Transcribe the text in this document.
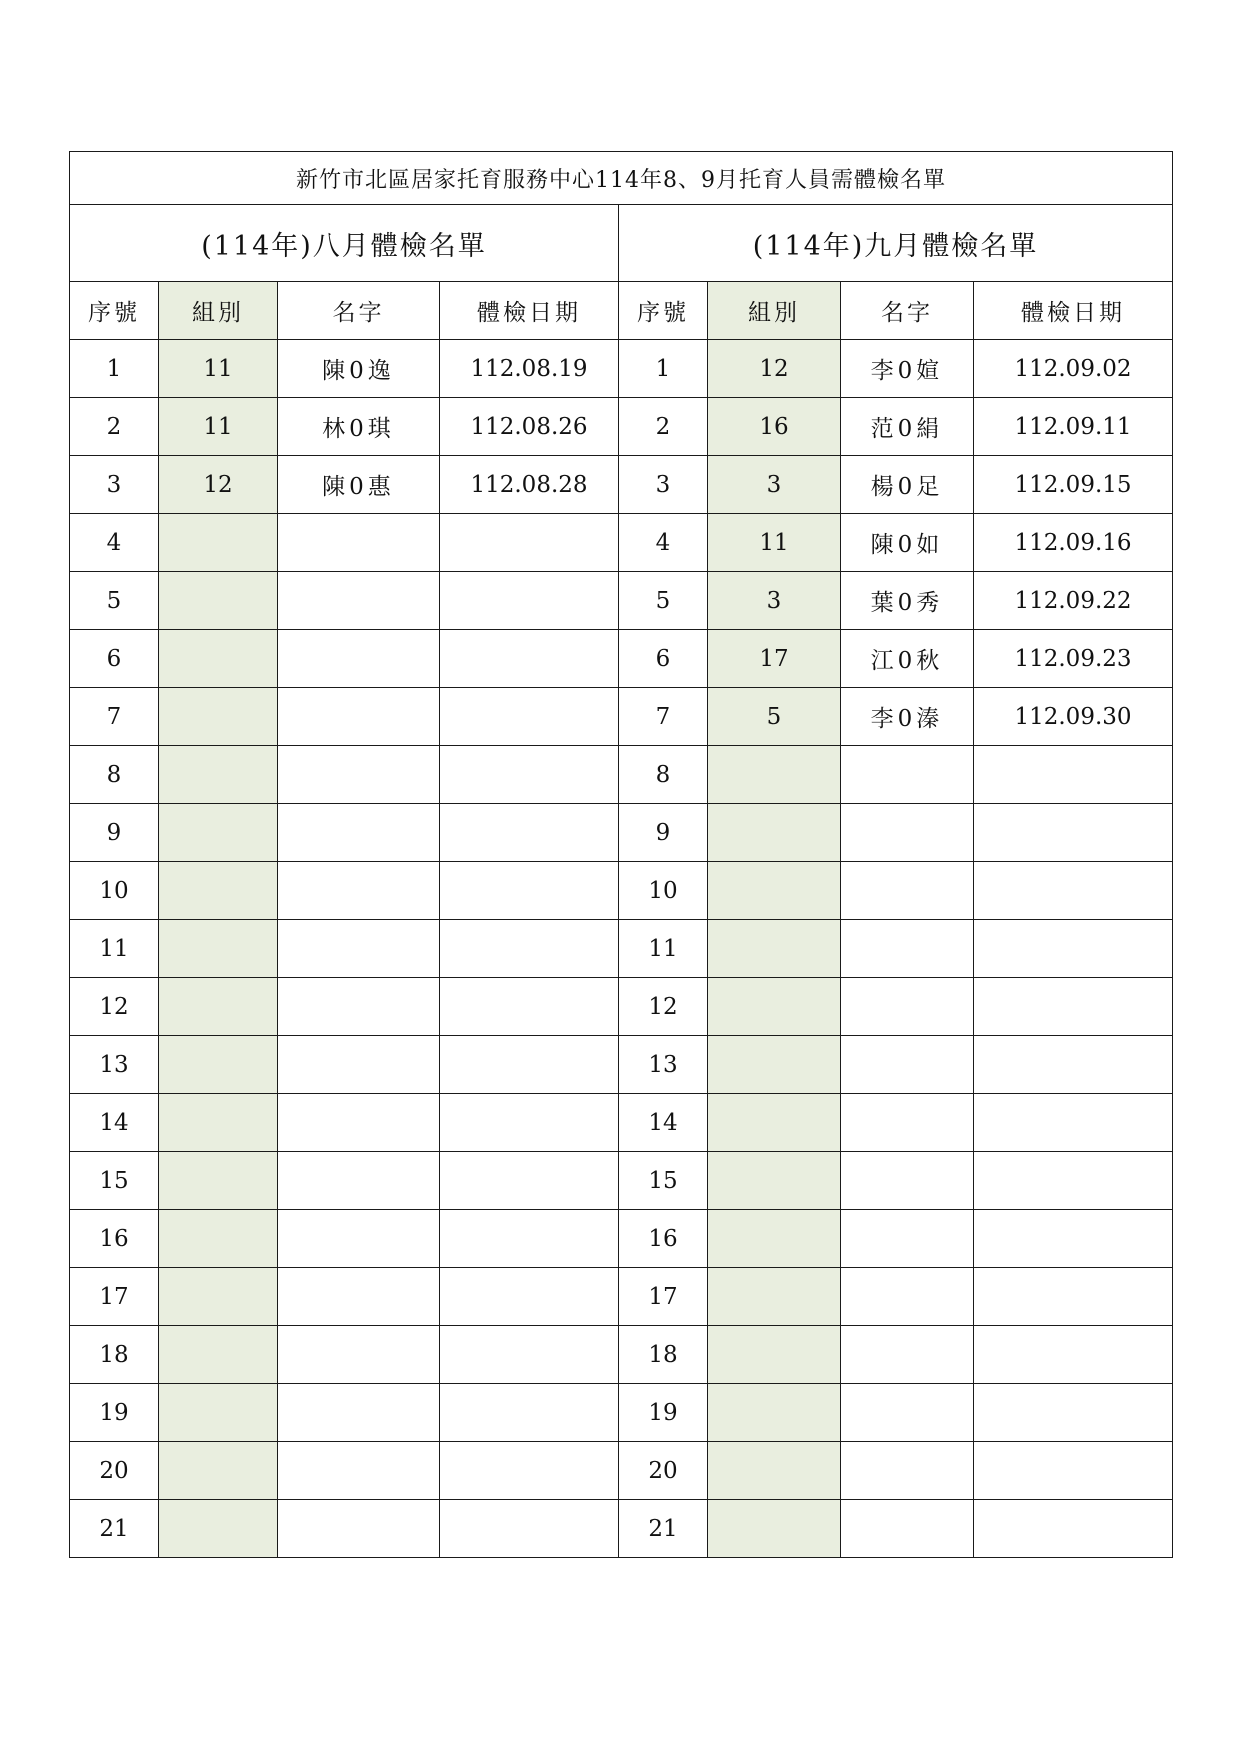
新竹市北區居家托育服務中心114年8、9月托育人員需體檢名單							
(114年)八月體檢名單				(114年)九月體檢名單			
序號	組別	名字	體檢日期	序號	組別	名字	體檢日期
1	11	陳0逸	112.08.19	1	12	李0媗	112.09.02
2	11	林0琪	112.08.26	2	16	范0絹	112.09.11
3	12	陳0惠	112.08.28	3	3	楊0足	112.09.15
4				4	11	陳0如	112.09.16
5				5	3	葉0秀	112.09.22
6				6	17	江0秋	112.09.23
7				7	5	李0溱	112.09.30
8				8			
9				9			
10				10			
11				11			
12				12			
13				13			
14				14			
15				15			
16				16			
17				17			
18				18			
19				19			
20				20			
21				21			
